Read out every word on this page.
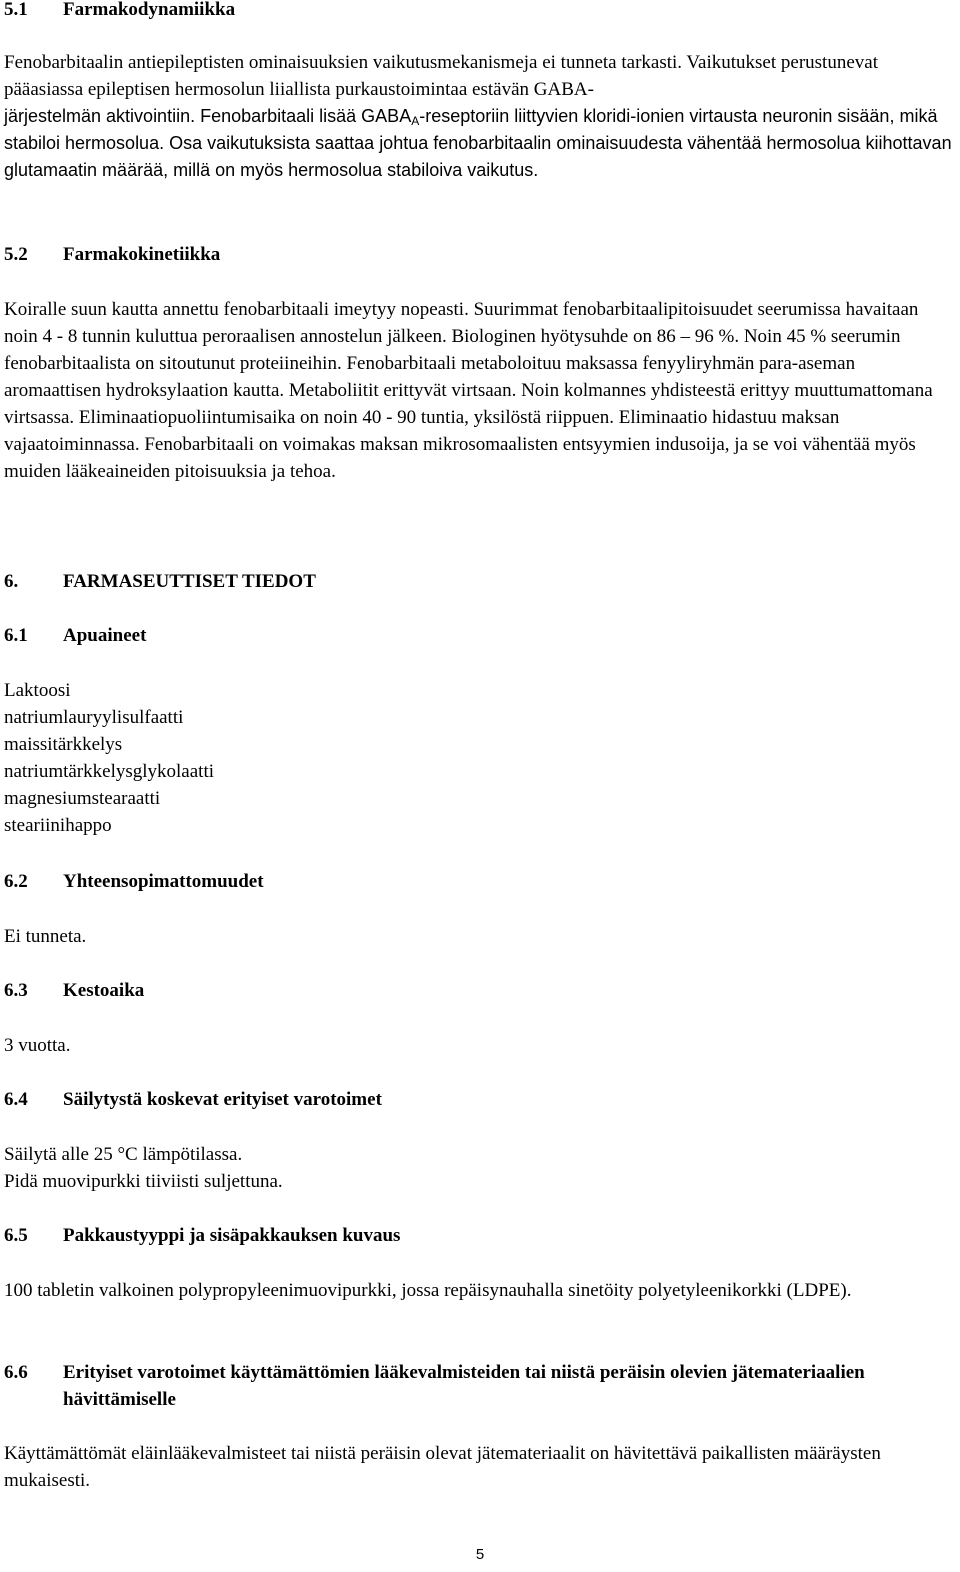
5.1 Farmakodynamiikka

Fenobarbitaalin antiepileptisten ominaisuuksien vaikutusmekanismeja ei tunneta tarkasti. Vaikutukset perustunevat pääasiassa epileptisen hermosolun liiallista purkaustoimintaa estävän GABA-

järjestelmän aktivointiin. Fenobarbitaali lisää $GABA_A$-reseptoriin liittyvien kloridi-ionien virtausta neuronin sisään, mikä stabiloi hermosolua. Osa vaikutuksista saattaa johtua fenobarbitaalin ominaisuudesta vähentää hermosolua kiihottavan glutamaatin määrää, millä on myös hermosolua stabiloiva vaikutus.

5.2 Farmakokinetiikka

Koiralle suun kautta annettu fenobarbitaali imeytyy nopeasti. Suurimmat fenobarbitaalipitoisuudet seerumissa havaitaan noin 4 - 8 tunnin kuluttua peroraalisen annostelun jälkeen. Biologinen hyötysuhde on 86 – 96 %. Noin 45 % seerumin fenobarbitaalista on sitoutunut proteiineihin. Fenobarbitaali metaboloituu maksassa fenyyliryhmän para-aseman aromaattisen hydroksylaation kautta. Metaboliitit erittyvät virtsaan. Noin kolmannes yhdisteestä erittyy muuttumattomana virtsassa. Eliminaatiopuoliintumisaika on noin 40 - 90 tuntia, yksilöstä riippuen. Eliminaatio hidastuu maksan vajaatoiminnassa. Fenobarbitaali on voimakas maksan mikrosomaalisten entsyymien indusoija, ja se voi vähentää myös muiden lääkeaineiden pitoisuuksia ja tehoa.

6. FARMASEUTTISET TIEDOT
6.1 Apuaineet
Laktoosi
natriumlauryylisulfaatti
maissitärkkelys
natriumtärkkelysglykolaatti
magnesiumstearaatti
steariinihappo
6.2 Yhteensopimattomuudet

Ei tunneta.

6.3 Kestoaika

3 vuotta.

6.4 Säilytystä koskevat erityiset varotoimet
Säilytä alle 25 °C lämpötilassa.
Pidä muovipurkki tiiviisti suljettuna.
6.5 Pakkaustyyppi ja sisäpakkauksen kuvaus

100 tabletin valkoinen polypropyleenimuovipurkki, jossa repäisynauhalla sinetöity polyetyleenikorkki (LDPE).

6.6	Erityiset varotoimet käyttämättömien lääkevalmisteiden tai niistä peräisin olevien jätemateriaalien hävittämiselle

Käyttämättömät eläinlääkevalmisteet tai niistä peräisin olevat jätemateriaalit on hävitettävä paikallisten määräysten mukaisesti.

5
